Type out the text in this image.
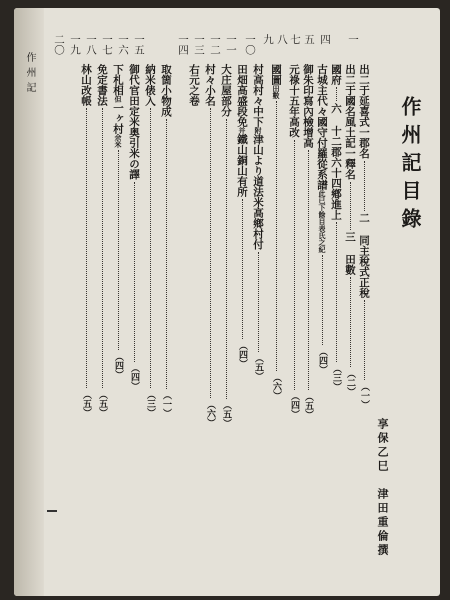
作州記
作州記目錄
享保乙巳
津田重倫撰
一
四
五
七
八
九
一〇
一一
一二
一三
一四
一五
一六
一七
一八
一九
二〇
出二于延喜式一郡名二 同主稅式正稅（一）
出二于國名風土記一釋名三 田數（二）
國府六 十二郡六十四鄕進上（三）
古城主代々國守付羅從系譜此已下餘目表氏之紀（四）
御朱印寫內檢增高（五）
元祿十五年高改（四）
國圖田數（六）
村高村々中下附津山より道法米高鄉村付（五）
田畑高盛段免并鐵山銅山有所（四）
大庄屋部分（五）
村々小名（六）
右元之卷
取箇小物成（一）
納米俵入（三）
御代官田定米奥引米の譯（四）
下札相但一ヶ村余米（四）
免定書法（五）
林山改帳（五）
